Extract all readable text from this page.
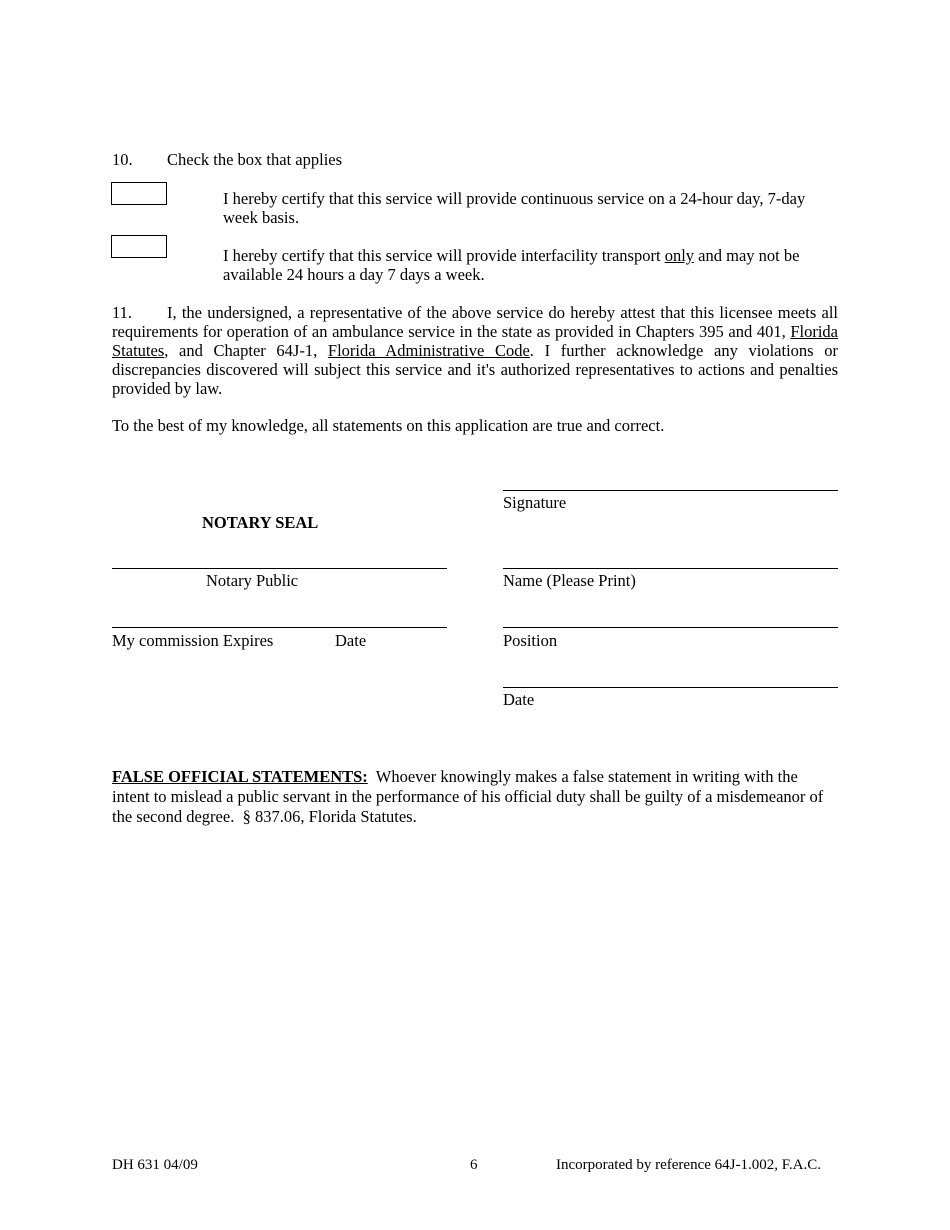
10. Check the box that applies
I hereby certify that this service will provide continuous service on a 24-hour day, 7-day week basis.
I hereby certify that this service will provide interfacility transport only and may not be available 24 hours a day 7 days a week.
11. I, the undersigned, a representative of the above service do hereby attest that this licensee meets all requirements for operation of an ambulance service in the state as provided in Chapters 395 and 401, Florida Statutes, and Chapter 64J-1, Florida Administrative Code. I further acknowledge any violations or discrepancies discovered will subject this service and it's authorized representatives to actions and penalties provided by law.
To the best of my knowledge, all statements on this application are true and correct.
Signature
NOTARY SEAL
Notary Public	Name (Please Print)
My commission Expires	Date	Position
Date
FALSE OFFICIAL STATEMENTS:  Whoever knowingly makes a false statement in writing with the intent to mislead a public servant in the performance of his official duty shall be guilty of a misdemeanor of the second degree.  § 837.06, Florida Statutes.
DH 631 04/09	6	Incorporated by reference 64J-1.002, F.A.C.
